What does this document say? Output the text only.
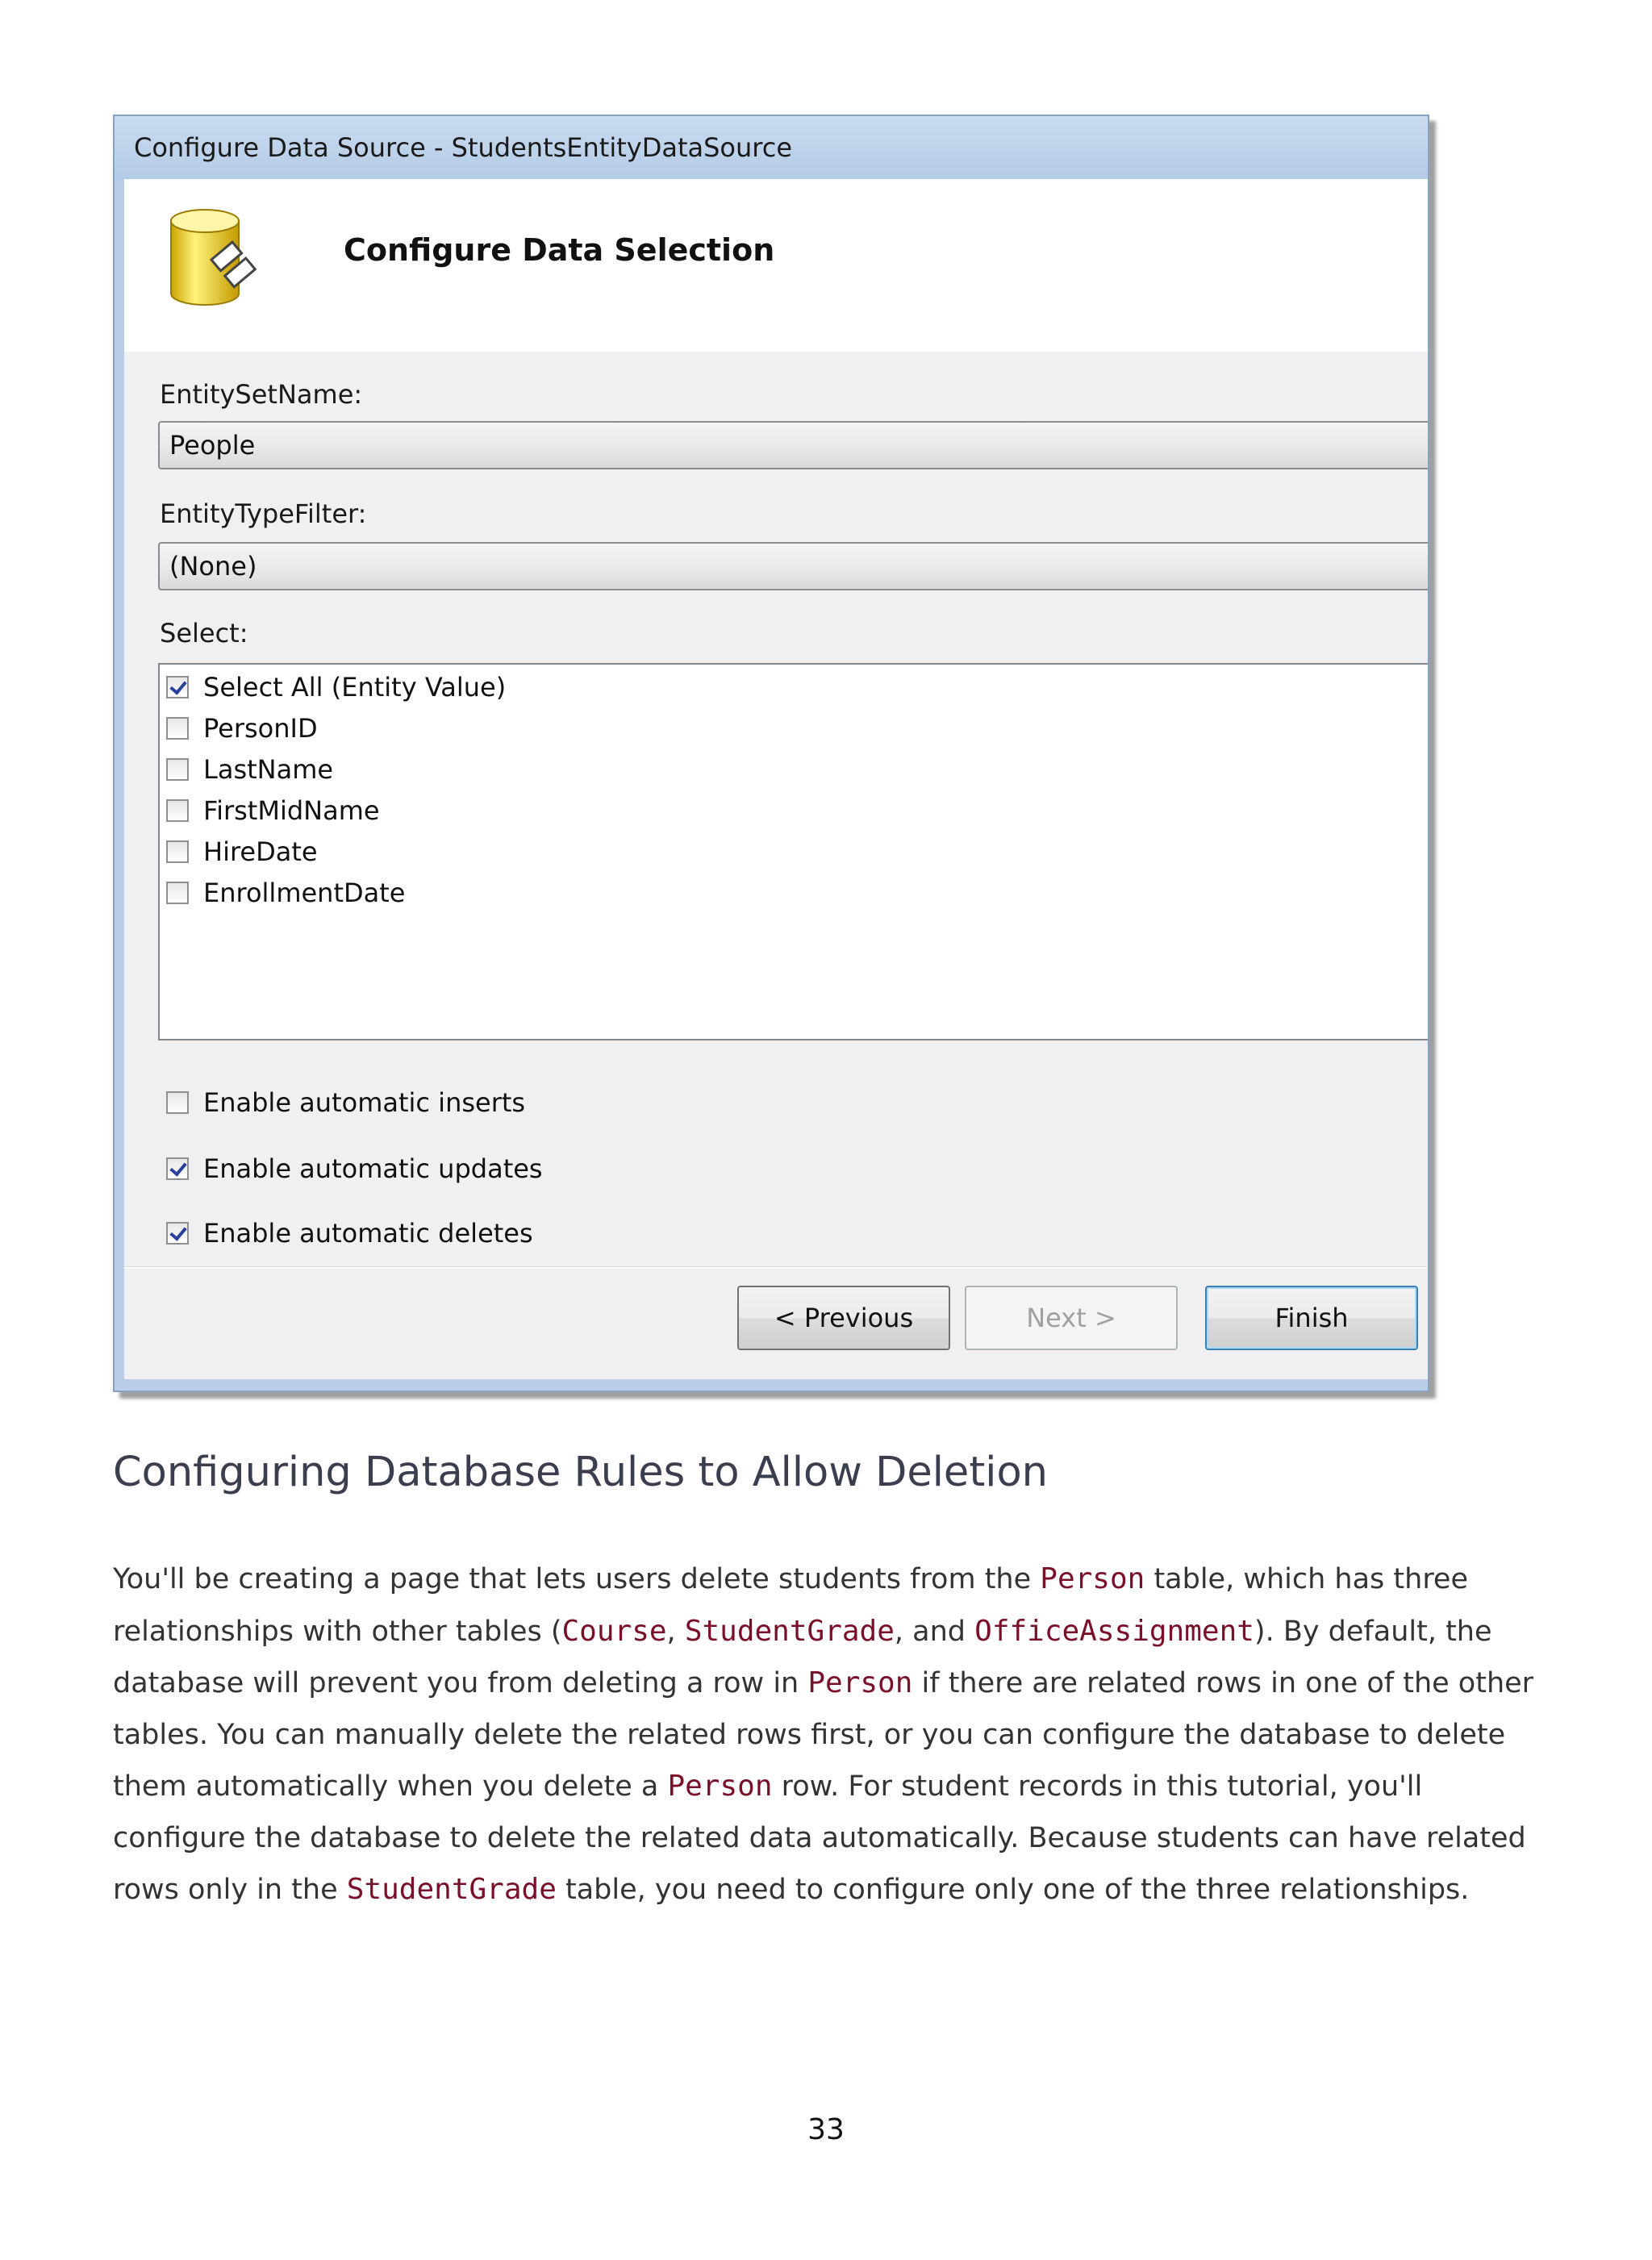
Configure Data Source - StudentsEntityDataSource
Configure Data Selection
EntitySetName:
People
EntityTypeFilter:
(None)
Select:
Select All (Entity Value)
PersonID
LastName
FirstMidName
HireDate
EnrollmentDate
Enable automatic inserts
Enable automatic updates
Enable automatic deletes
< Previous	Next >	Finish
Configuring Database Rules to Allow Deletion
You'll be creating a page that lets users delete students from the Person table, which has three relationships with other tables (Course, StudentGrade, and OfficeAssignment). By default, the database will prevent you from deleting a row in Person if there are related rows in one of the other tables. You can manually delete the related rows first, or you can configure the database to delete them automatically when you delete a Person row. For student records in this tutorial, you'll configure the database to delete the related data automatically. Because students can have related rows only in the StudentGrade table, you need to configure only one of the three relationships.
33
